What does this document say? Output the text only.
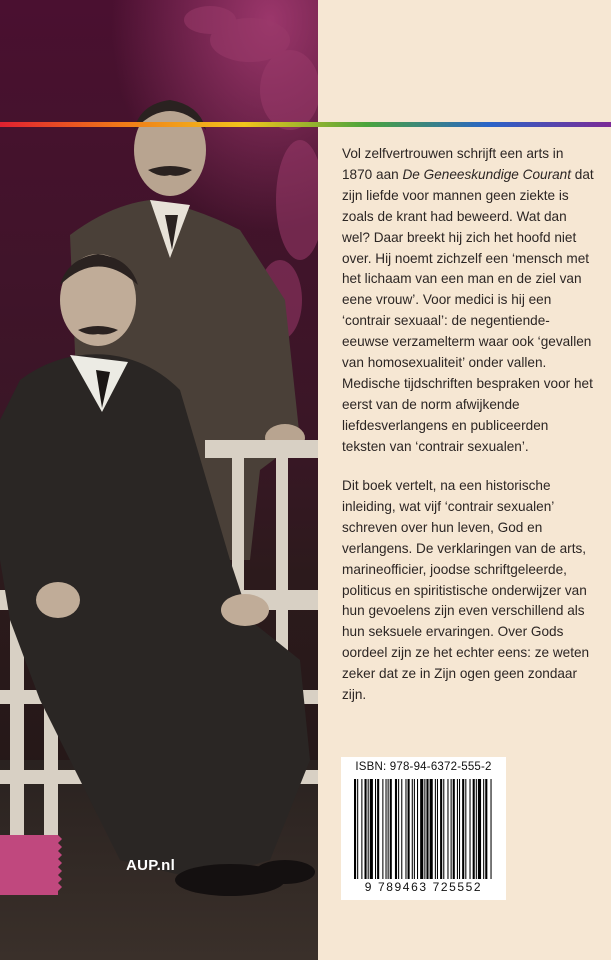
AUP.nl

Vol zelfvertrouwen schrijft een arts in 1870 aan De Geneeskundige Courant dat zijn liefde voor mannen geen ziekte is zoals de krant had beweerd. Wat dan wel? Daar breekt hij zich het hoofd niet over. Hij noemt zichzelf een ‘mensch met het lichaam van een man en de ziel van eene vrouw’. Voor medici is hij een ‘contrair sexuaal’: de negentiende-eeuwse verzamelterm waar ook ‘gevallen van homosexualiteit’ onder vallen. Medische tijdschriften bespraken voor het eerst van de norm afwijkende liefdesverlangens en publiceerden teksten van ‘contrair sexualen’.

Dit boek vertelt, na een historische inleiding, wat vijf ‘contrair sexualen’ schreven over hun leven, God en verlangens. De verklaringen van de arts, marineofficier, joodse schriftgeleerde, politicus en spiritistische onderwijzer van hun gevoelens zijn even verschillend als hun seksuele ervaringen. Over Gods oordeel zijn ze het echter eens: ze weten zeker dat ze in Zijn ogen geen zondaar zijn.

ISBN: 978-94-6372-555-2
9 789463 725552
